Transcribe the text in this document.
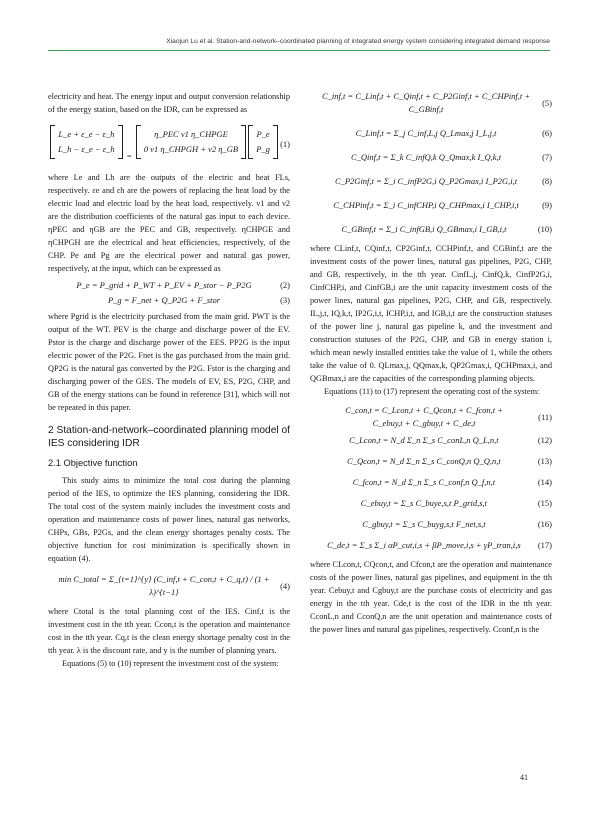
Xiaojun Lu et al. Station-and-network–coordinated planning of integrated energy system considering integrated demand response

electricity and heat. The energy input and output conversion relationship of the energy station, based on the IDR, can be expressed as

L_e + ε_e − ε_h
L_h − ε_e − ε_h
=
η_PEC ν1 η_CHPGE
0 ν1 η_CHPGH + ν2 η_GB

P_e
P_g
(1)

where Le and Lh are the outputs of the electric and heat FLs, respectively. εe and εh are the powers of replacing the heat load by the electric load and electric load by the heat load, respectively. ν1 and ν2 are the distribution coefficients of the natural gas input to each device. ηPEC and ηGB are the PEC and GB, respectively. ηCHPGE and ηCHPGH are the electrical and heat efficiencies, respectively, of the CHP. Pe and Pg are the electrical power and natural gas power, respectively, at the input, which can be expressed as

P_e = P_grid + P_WT + P_EV + P_stor − P_P2G	(2)
P_g = F_net + Q_P2G + F_stor	(3)

where Pgrid is the electricity purchased from the main grid. PWT is the output of the WT. PEV is the charge and discharge power of the EV. Pstor is the charge and discharge power of the EES. PP2G is the input electric power of the P2G. Fnet is the gas purchased from the main grid. QP2G is the natural gas converted by the P2G. Fstor is the charging and discharging power of the GES. The models of EV, ES, P2G, CHP, and GB of the energy stations can be found in reference [31], which will not be repeated in this paper.

2 Station-and-network–coordinated planning model of IES considering IDR
2.1 Objective function

This study aims to minimize the total cost during the planning period of the IES, to optimize the IES planning, considering the IDR. The total cost of the system mainly includes the investment costs and operation and maintenance costs of power lines, natural gas networks, CHPs, GBs, P2Gs, and the clean energy shortages penalty costs. The objective function for cost minimization is specifically shown in equation (4).

min C_total = Σ_{t=1}^{y} (C_inf,t + C_con,t + C_q,t) / (1 + λ)^{t−1}
(4)

where Ctotal is the total planning cost of the IES. Cinf,t is the investment cost in the tth year. Ccon,t is the operation and maintenance cost in the tth year. Cq,t is the clean energy shortage penalty cost in the tth year. λ is the discount rate, and y is the number of planning years.

Equations (5) to (10) represent the investment cost of the system:

C_inf,t = C_Linf,t + C_Qinf,t + C_P2Ginf,t + C_CHPinf,t + C_GBinf,t
(5)
C_Linf,t = Σ_j C_inf,L,j Q_Lmax,j I_L,j,t	(6)
C_Qinf,t = Σ_k C_infQ,k Q_Qmax,k I_Q,k,t	(7)
C_P2Ginf,t = Σ_i C_infP2G,i Q_P2Gmax,i I_P2G,i,t	(8)
C_CHPinf,t = Σ_i C_infCHP,i Q_CHPmax,i I_CHP,i,t	(9)
C_GBinf,t = Σ_i C_infGB,i Q_GBmax,i I_GB,i,t	(10)

where CLinf,t, CQinf,t, CP2Ginf,t, CCHPinf,t, and CGBinf,t are the investment costs of the power lines, natural gas pipelines, P2G, CHP, and GB, respectively, in the tth year. CinfL,j, CinfQ,k, CinfP2G,i, CinfCHP,i, and CinfGB,i are the unit capacity investment costs of the power lines, natural gas pipelines, P2G, CHP, and GB, respectively. IL,j,t, IQ,k,t, IP2G,i,t, ICHP,i,t, and IGB,i,t are the construction statuses of the power line j, natural gas pipeline k, and the investment and construction statuses of the P2G, CHP, and GB in energy station i, which mean newly installed entities take the value of 1, while the others take the value of 0. QLmax,j, QQmax,k, QP2Gmax,i, QCHPmax,i, and QGBmax,i are the capacities of the corresponding planning objects.

Equations (11) to (17) represent the operating cost of the system:

C_con,t = C_Lcon,t + C_Qcon,t + C_fcon,t +
C_ebuy,t + C_gbuy,t + C_de,t
(11)
C_Lcon,t = N_d Σ_n Σ_s C_conL,n Q_L,n,t	(12)
C_Qcon,t = N_d Σ_n Σ_s C_conQ,n Q_Q,n,t	(13)
C_fcon,t = N_d Σ_n Σ_s C_conf,n Q_f,n,t	(14)
C_ebuy,t = Σ_s C_buye,s,t P_grid,s,t	(15)
C_gbuy,t = Σ_s C_buyg,s,t F_net,s,t	(16)
C_de,t = Σ_s Σ_i αP_cut,i,s + βP_move,i,s + γP_tran,i,s	(17)

where CLcon,t, CQcon,t, and Cfcon,t are the operation and maintenance costs of the power lines, natural gas pipelines, and equipment in the tth year. Cebuy,t and Cgbuy,t are the purchase costs of electricity and gas energy in the tth year. Cde,t is the cost of the IDR in the tth year. CconL,n and CconQ,n are the unit operation and maintenance costs of the power lines and natural gas pipelines, respectively. Cconf,n is the

41
